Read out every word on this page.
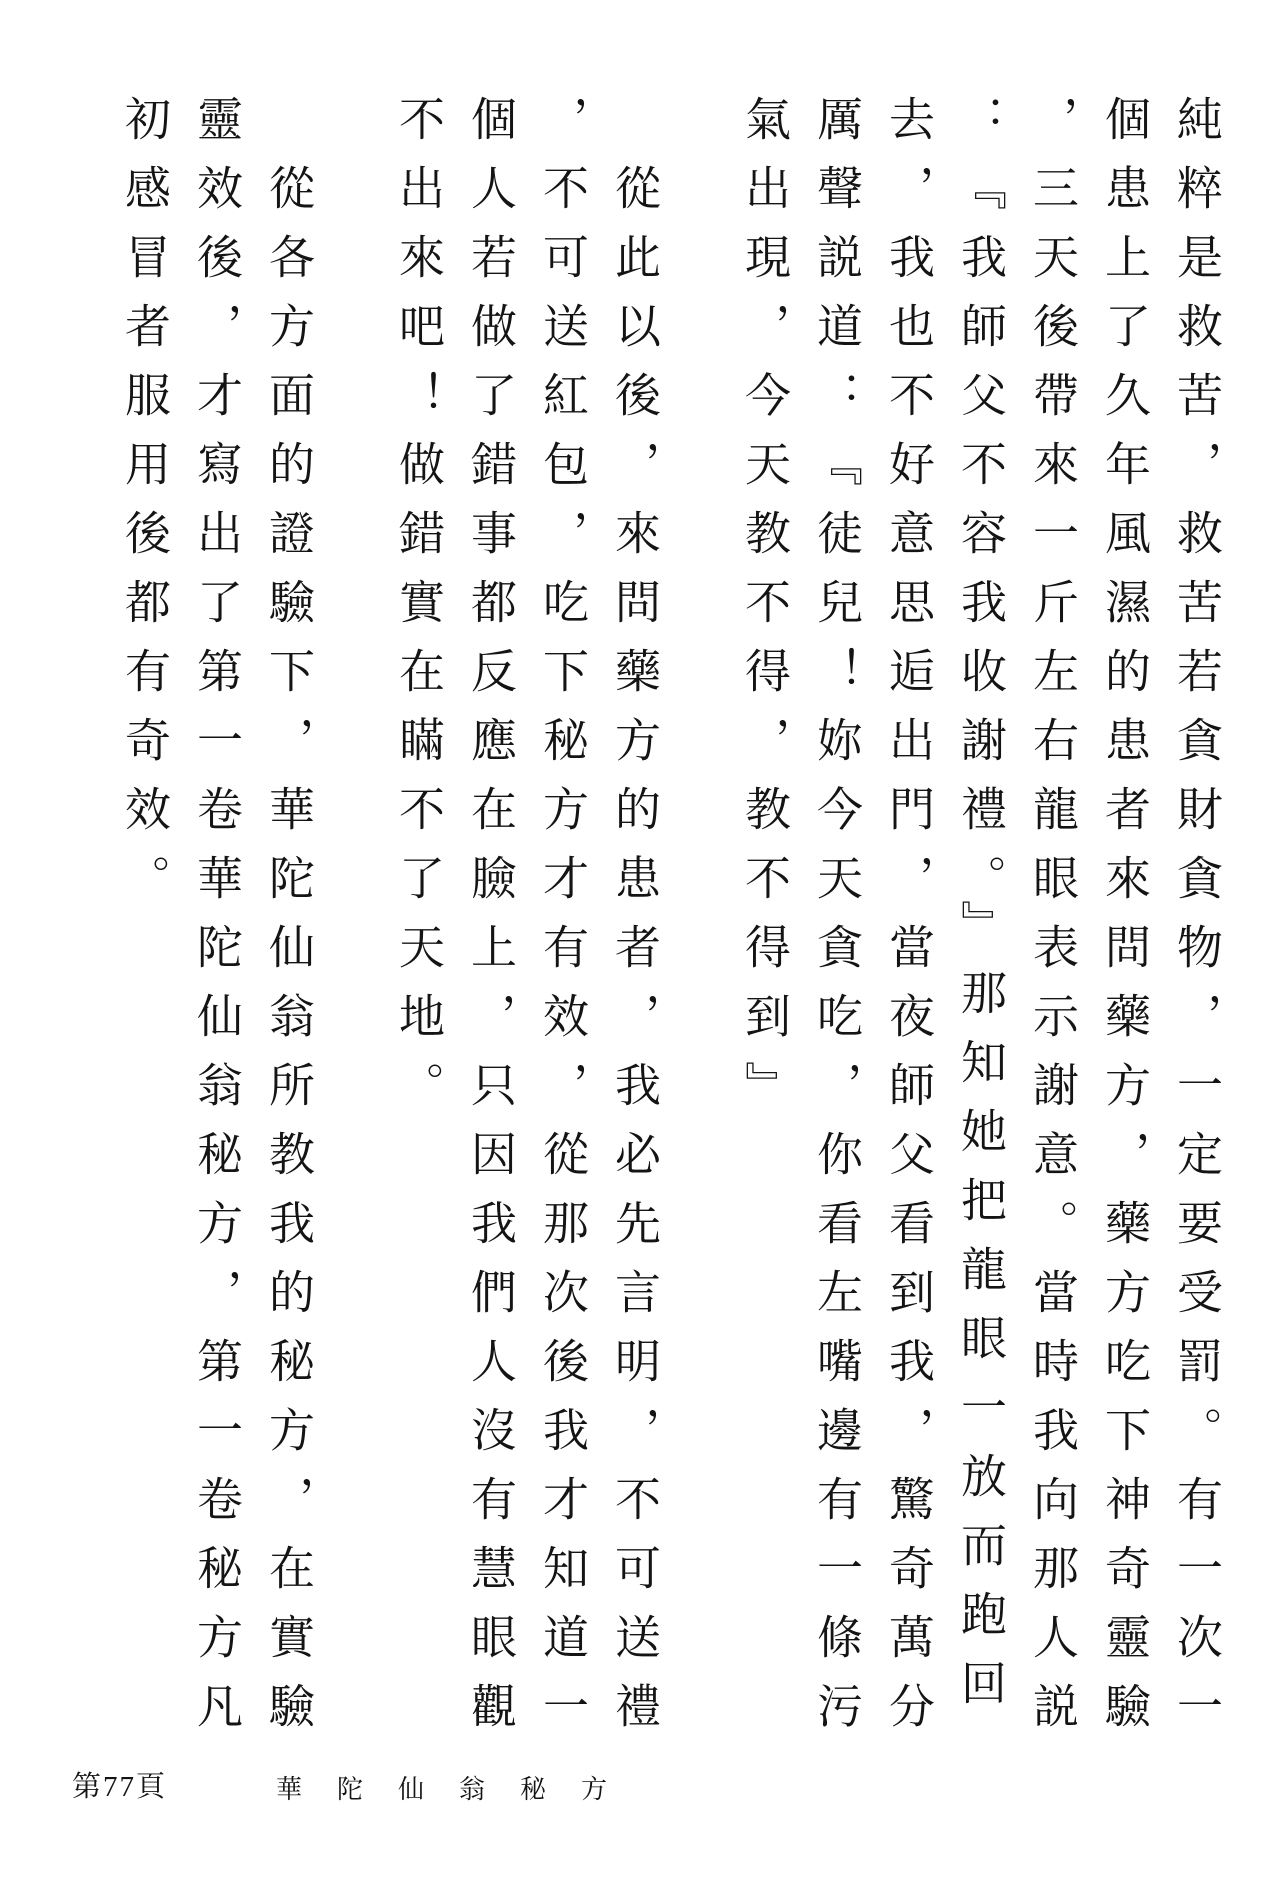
純粹是救苦，救苦若貪財貪物，一定要受罰。有一次一
個患上了久年風濕的患者來問藥方，藥方吃下神奇靈驗
，三天後帶來一斤左右龍眼表示謝意。當時我向那人説
：『我師父不容我收謝禮。』那知她把龍眼一放而跑回
去，我也不好意思逅出門，當夜師父看到我，驚奇萬分
厲聲説道：『徒兒！妳今天貪吃，你看左嘴邊有一條污
氣出現，今天教不得，教不得到』
從此以後，來問藥方的患者，我必先言明，不可送禮
，不可送紅包，吃下秘方才有效，從那次後我才知道一
個人若做了錯事都反應在臉上，只因我們人沒有慧眼觀
不出來吧！做錯實在瞞不了天地。
從各方面的證驗下，華陀仙翁所教我的秘方，在實驗
靈效後，才寫出了第一卷華陀仙翁秘方，第一卷秘方凡
初感冒者服用後都有奇效。
第77頁	華陀仙翁秘方
